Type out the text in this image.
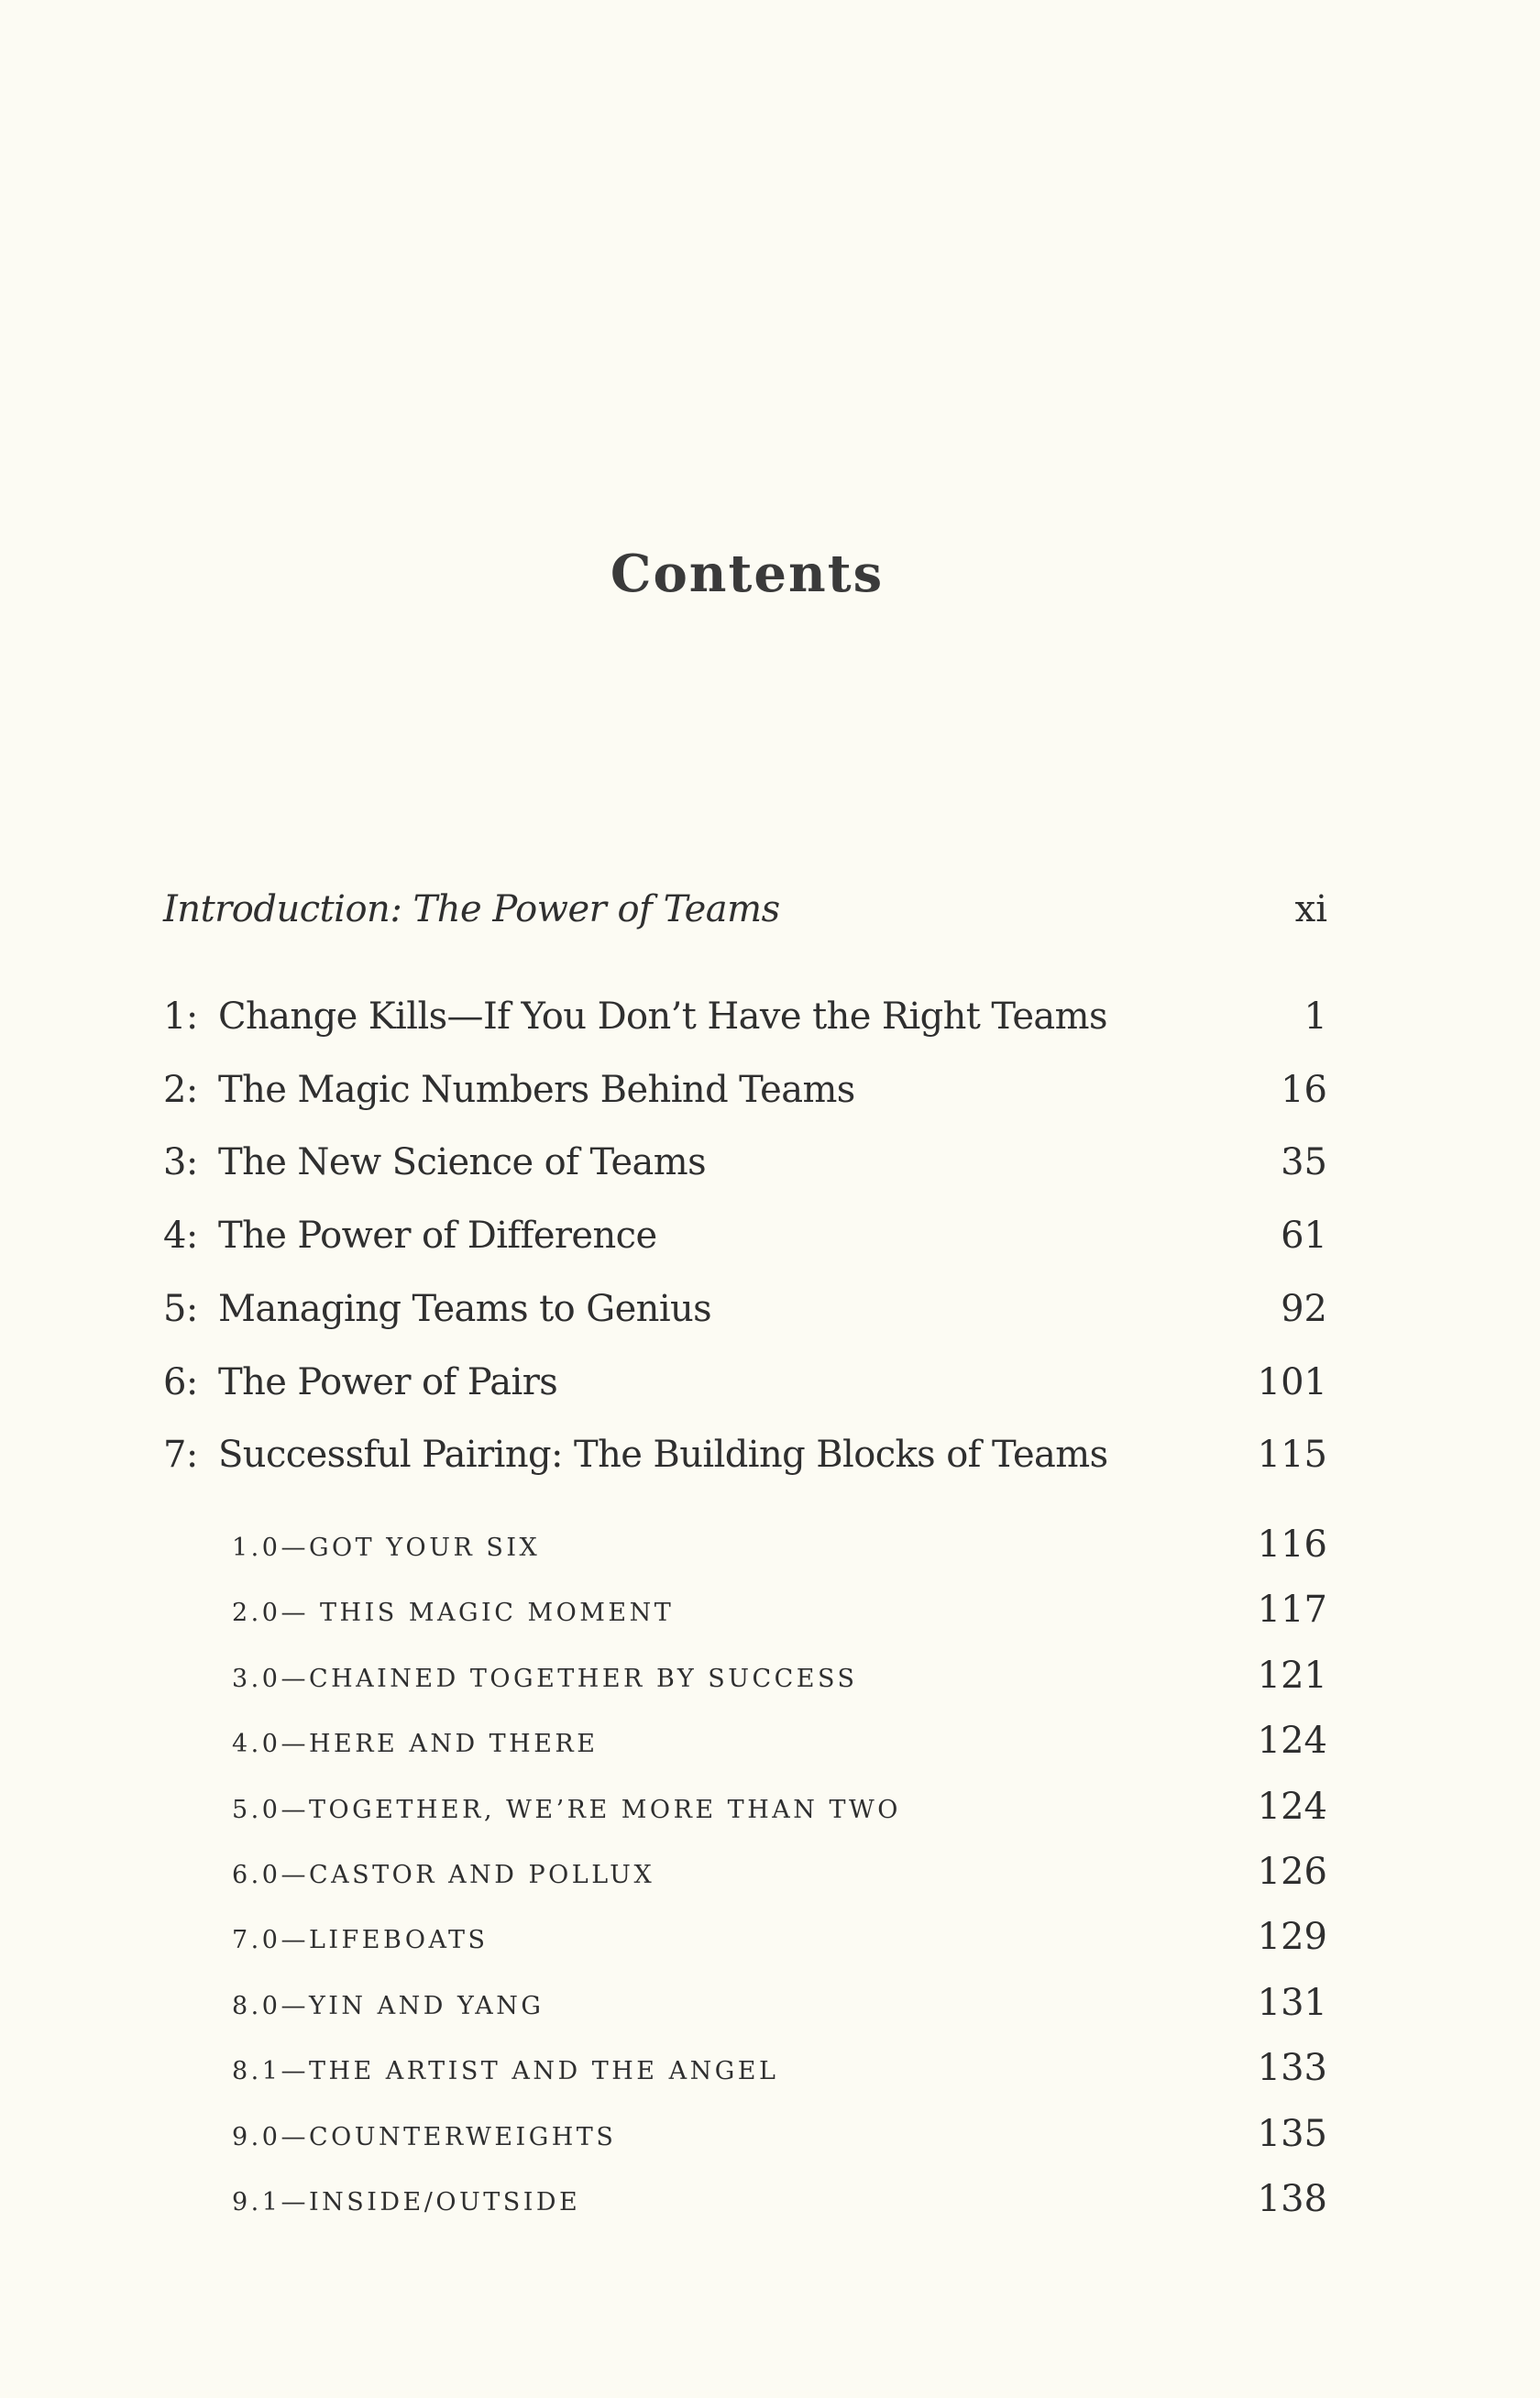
Contents
Introduction: The Power of Teams	xi
1: Change Kills—If You Don’t Have the Right Teams	1
2: The Magic Numbers Behind Teams	16
3: The New Science of Teams	35
4: The Power of Difference	61
5: Managing Teams to Genius	92
6: The Power of Pairs	101
7: Successful Pairing: The Building Blocks of Teams	115
1.0—GOT YOUR SIX	116
2.0— THIS MAGIC MOMENT	117
3.0—CHAINED TOGETHER BY SUCCESS	121
4.0—HERE AND THERE	124
5.0—TOGETHER, WE’RE MORE THAN TWO	124
6.0—CASTOR AND POLLUX	126
7.0—LIFEBOATS	129
8.0—YIN AND YANG	131
8.1—THE ARTIST AND THE ANGEL	133
9.0—COUNTERWEIGHTS	135
9.1—INSIDE/OUTSIDE	138
